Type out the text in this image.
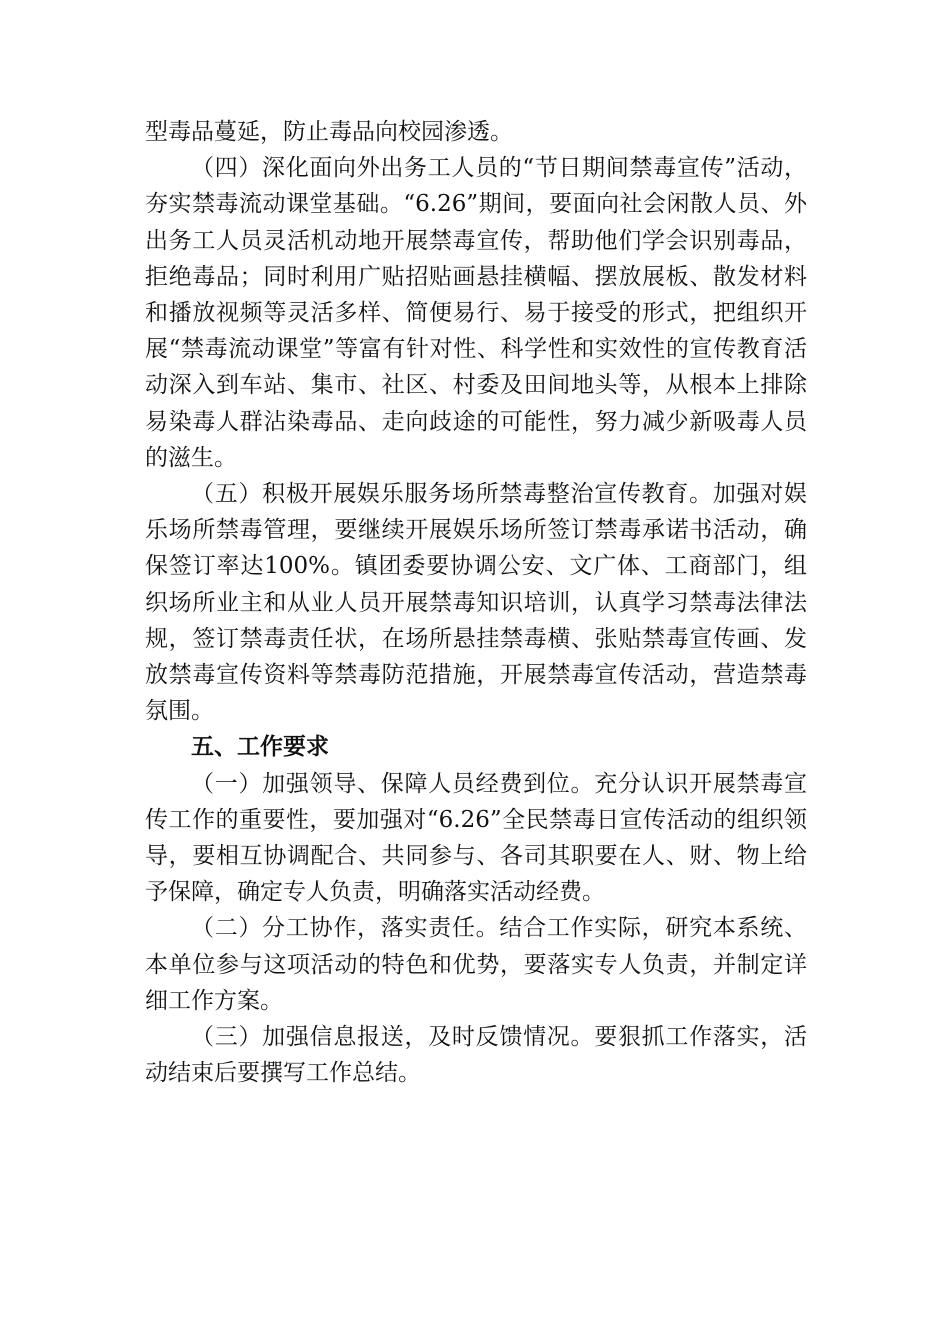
型毒品蔓延，防止毒品向校园渗透。

（四）深化面向外出务工人员的“节日期间禁毒宣传”活动，夯实禁毒流动课堂基础。“6.26”期间，要面向社会闲散人员、外出务工人员灵活机动地开展禁毒宣传，帮助他们学会识别毒品，拒绝毒品；同时利用广贴招贴画悬挂横幅、摆放展板、散发材料和播放视频等灵活多样、简便易行、易于接受的形式，把组织开展“禁毒流动课堂”等富有针对性、科学性和实效性的宣传教育活动深入到车站、集市、社区、村委及田间地头等，从根本上排除易染毒人群沾染毒品、走向歧途的可能性，努力减少新吸毒人员的滋生。

（五）积极开展娱乐服务场所禁毒整治宣传教育。加强对娱乐场所禁毒管理，要继续开展娱乐场所签订禁毒承诺书活动，确保签订率达100%。镇团委要协调公安、文广体、工商部门，组织场所业主和从业人员开展禁毒知识培训，认真学习禁毒法律法规，签订禁毒责任状，在场所悬挂禁毒横、张贴禁毒宣传画、发放禁毒宣传资料等禁毒防范措施，开展禁毒宣传活动，营造禁毒氛围。

五、工作要求

（一）加强领导、保障人员经费到位。充分认识开展禁毒宣传工作的重要性，要加强对“6.26”全民禁毒日宣传活动的组织领导，要相互协调配合、共同参与、各司其职要在人、财、物上给予保障，确定专人负责，明确落实活动经费。

（二）分工协作，落实责任。结合工作实际，研究本系统、本单位参与这项活动的特色和优势，要落实专人负责，并制定详细工作方案。

（三）加强信息报送，及时反馈情况。要狠抓工作落实，活动结束后要撰写工作总结。
